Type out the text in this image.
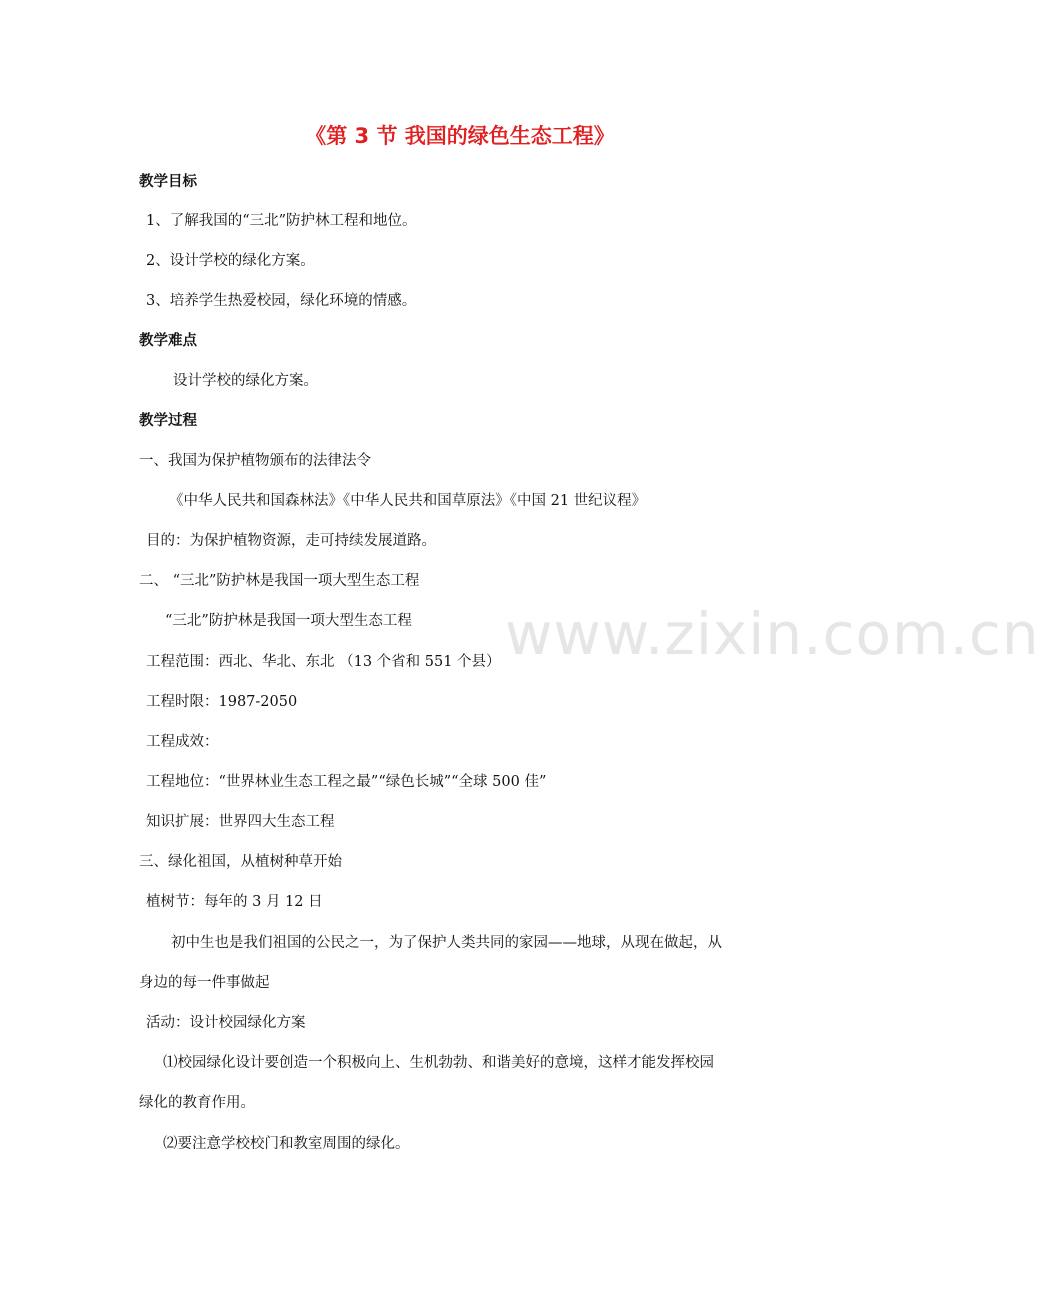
《第 3 节 我国的绿色生态工程》
教学目标
1、了解我国的“三北”防护林工程和地位。
2、设计学校的绿化方案。
3、培养学生热爱校园，绿化环境的情感。
教学难点
设计学校的绿化方案。
教学过程
一、我国为保护植物颁布的法律法令
《中华人民共和国森林法》《中华人民共和国草原法》《中国 21 世纪议程》
目的：为保护植物资源，走可持续发展道路。
二、 “三北”防护林是我国一项大型生态工程
“三北”防护林是我国一项大型生态工程
工程范围：西北、华北、东北 （13 个省和 551 个县）
工程时限：1987-2050
工程成效：
工程地位：“世界林业生态工程之最”“绿色长城”“全球 500 佳”
知识扩展：世界四大生态工程
三、绿化祖国，从植树种草开始
植树节：每年的 3 月 12 日
初中生也是我们祖国的公民之一，为了保护人类共同的家园——地球，从现在做起，从
身边的每一件事做起
活动：设计校园绿化方案
⑴校园绿化设计要创造一个积极向上、生机勃勃、和谐美好的意境，这样才能发挥校园
绿化的教育作用。
⑵要注意学校校门和教室周围的绿化。
www.zixin.com.cn
